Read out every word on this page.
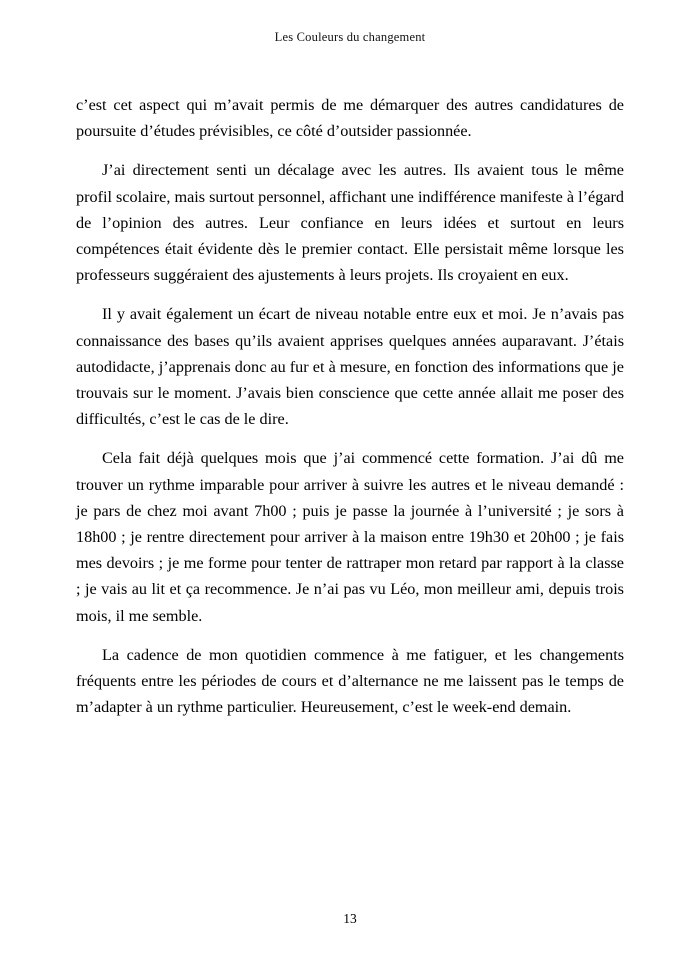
Les Couleurs du changement

c’est cet aspect qui m’avait permis de me démarquer des autres candidatures de poursuite d’études prévisibles, ce côté d’outsider passionnée.

J’ai directement senti un décalage avec les autres. Ils avaient tous le même profil scolaire, mais surtout personnel, affichant une indifférence manifeste à l’égard de l’opinion des autres. Leur confiance en leurs idées et surtout en leurs compétences était évidente dès le premier contact. Elle persistait même lorsque les professeurs suggéraient des ajustements à leurs projets. Ils croyaient en eux.

Il y avait également un écart de niveau notable entre eux et moi. Je n’avais pas connaissance des bases qu’ils avaient apprises quelques années auparavant. J’étais autodidacte, j’apprenais donc au fur et à mesure, en fonction des informations que je trouvais sur le moment. J’avais bien conscience que cette année allait me poser des difficultés, c’est le cas de le dire.

Cela fait déjà quelques mois que j’ai commencé cette formation. J’ai dû me trouver un rythme imparable pour arriver à suivre les autres et le niveau demandé : je pars de chez moi avant 7h00 ; puis je passe la journée à l’université ; je sors à 18h00 ; je rentre directement pour arriver à la maison entre 19h30 et 20h00 ; je fais mes devoirs ; je me forme pour tenter de rattraper mon retard par rapport à la classe ; je vais au lit et ça recommence. Je n’ai pas vu Léo, mon meilleur ami, depuis trois mois, il me semble.

La cadence de mon quotidien commence à me fatiguer, et les changements fréquents entre les périodes de cours et d’alternance ne me laissent pas le temps de m’adapter à un rythme particulier. Heureusement, c’est le week-end demain.

13
